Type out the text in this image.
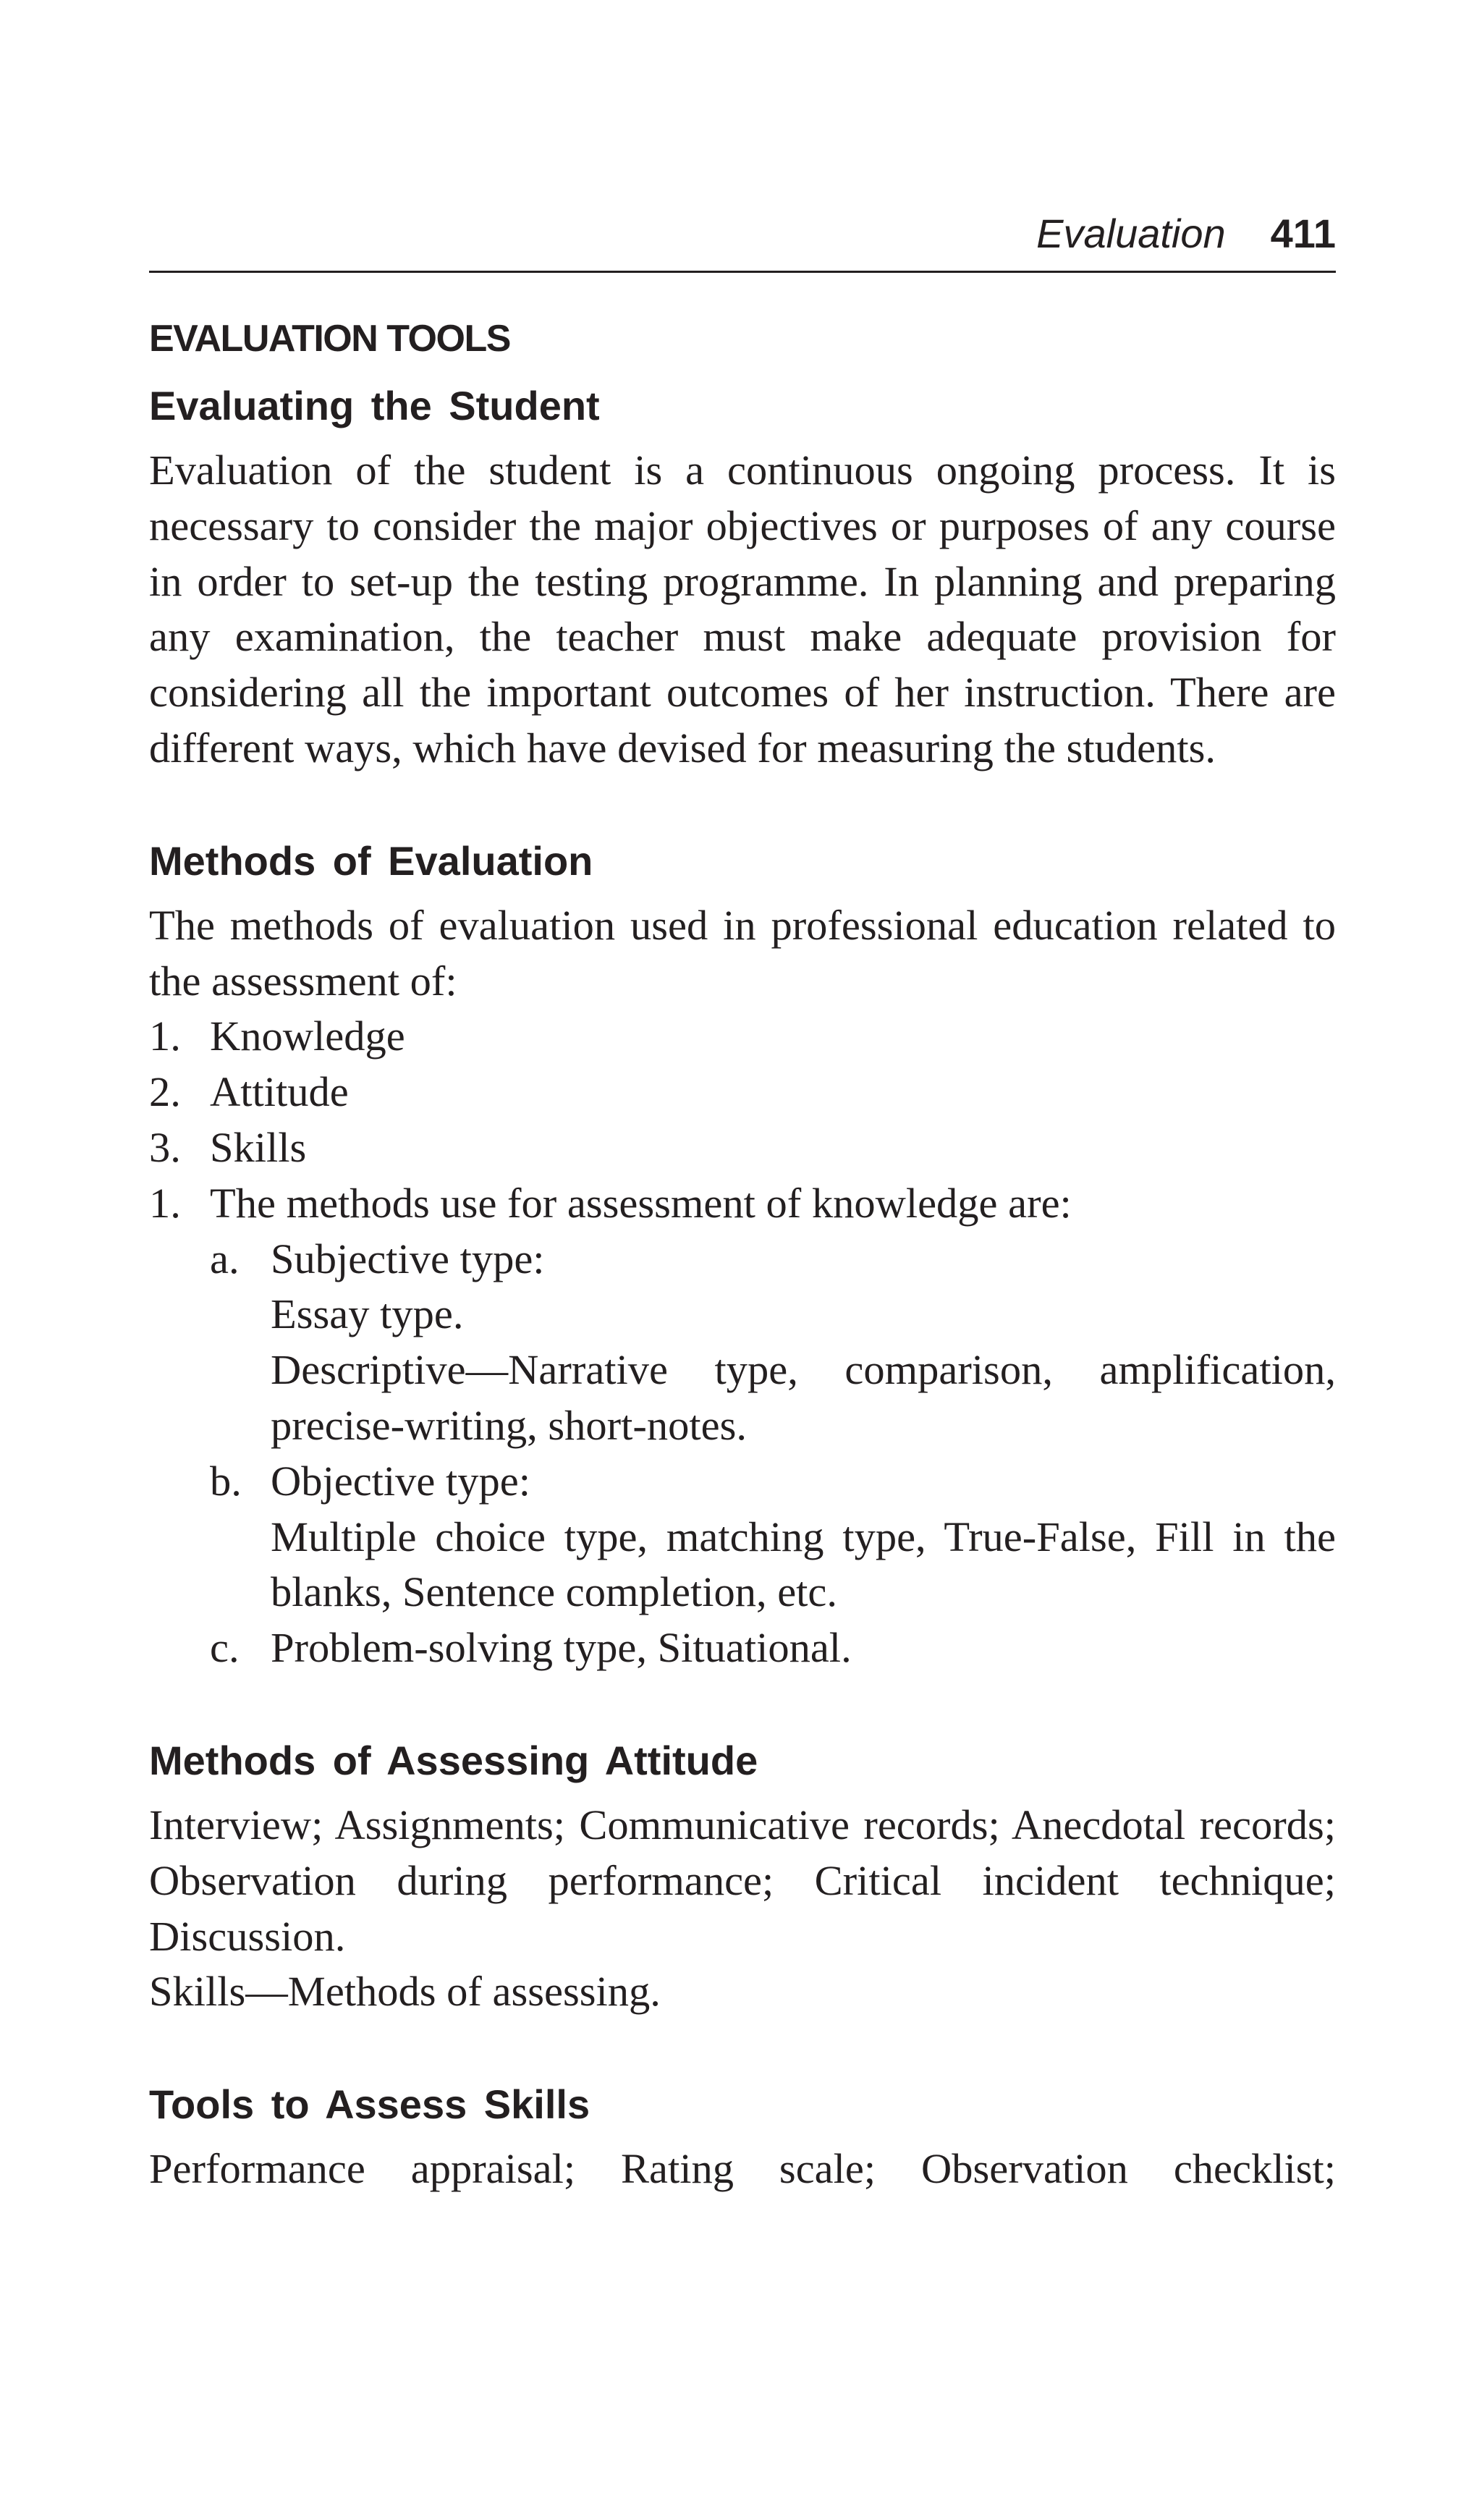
Evaluation 411
EVALUATION TOOLS
Evaluating the Student

Evaluation of the student is a continuous ongoing process. It is necessary to consider the major objectives or purposes of any course in order to set-up the testing programme. In planning and preparing any examination, the teacher must make adequate provision for considering all the important outcomes of her instruction. There are different ways, which have devised for measuring the students.

Methods of Evaluation

The methods of evaluation used in professional education related to the assessment of:

1. Knowledge
2. Attitude
3. Skills
1. The methods use for assessment of knowledge are:
a. Subjective type:
Essay type.
Descriptive—Narrative type, comparison, amplification, precise-writing, short-notes.
b. Objective type:
Multiple choice type, matching type, True-False, Fill in the blanks, Sentence completion, etc.
c. Problem-solving type, Situational.
Methods of Assessing Attitude

Interview; Assignments; Communicative records; Anecdotal records; Observation during performance; Critical incident technique; Discussion.

Skills—Methods of assessing.

Tools to Assess Skills

Performance appraisal; Rating scale; Observation checklist;
